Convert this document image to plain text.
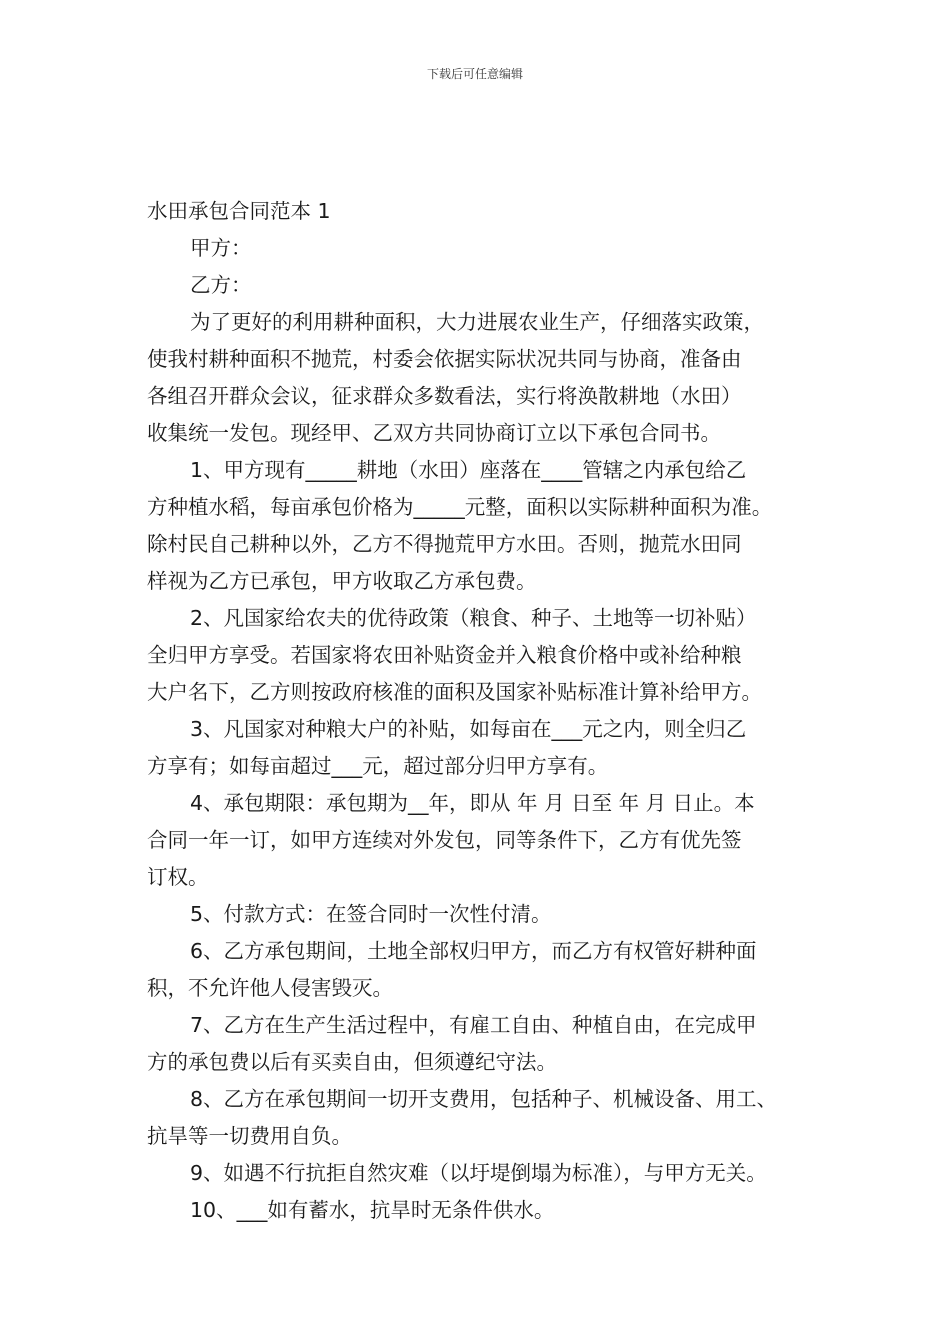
下载后可任意编辑
水田承包合同范本 1
甲方：
乙方：
为了更好的利用耕种面积，大力进展农业生产，仔细落实政策，
使我村耕种面积不抛荒，村委会依据实际状况共同与协商，准备由
各组召开群众会议，征求群众多数看法，实行将涣散耕地（水田）
收集统一发包。现经甲、乙双方共同协商订立以下承包合同书。
1、甲方现有_____耕地（水田）座落在____管辖之内承包给乙
方种植水稻，每亩承包价格为_____元整，面积以实际耕种面积为准。
除村民自己耕种以外，乙方不得抛荒甲方水田。否则，抛荒水田同
样视为乙方已承包，甲方收取乙方承包费。
2、凡国家给农夫的优待政策（粮食、种子、土地等一切补贴）
全归甲方享受。若国家将农田补贴资金并入粮食价格中或补给种粮
大户名下，乙方则按政府核准的面积及国家补贴标准计算补给甲方。
3、凡国家对种粮大户的补贴，如每亩在___元之内，则全归乙
方享有；如每亩超过___元，超过部分归甲方享有。
4、承包期限：承包期为__年，即从 年 月 日至 年 月 日止。本
合同一年一订，如甲方连续对外发包，同等条件下，乙方有优先签
订权。
5、付款方式：在签合同时一次性付清。
6、乙方承包期间，土地全部权归甲方，而乙方有权管好耕种面
积，不允许他人侵害毁灭。
7、乙方在生产生活过程中，有雇工自由、种植自由，在完成甲
方的承包费以后有买卖自由，但须遵纪守法。
8、乙方在承包期间一切开支费用，包括种子、机械设备、用工、
抗旱等一切费用自负。
9、如遇不行抗拒自然灾难（以圩堤倒塌为标准），与甲方无关。
10、___如有蓄水，抗旱时无条件供水。
